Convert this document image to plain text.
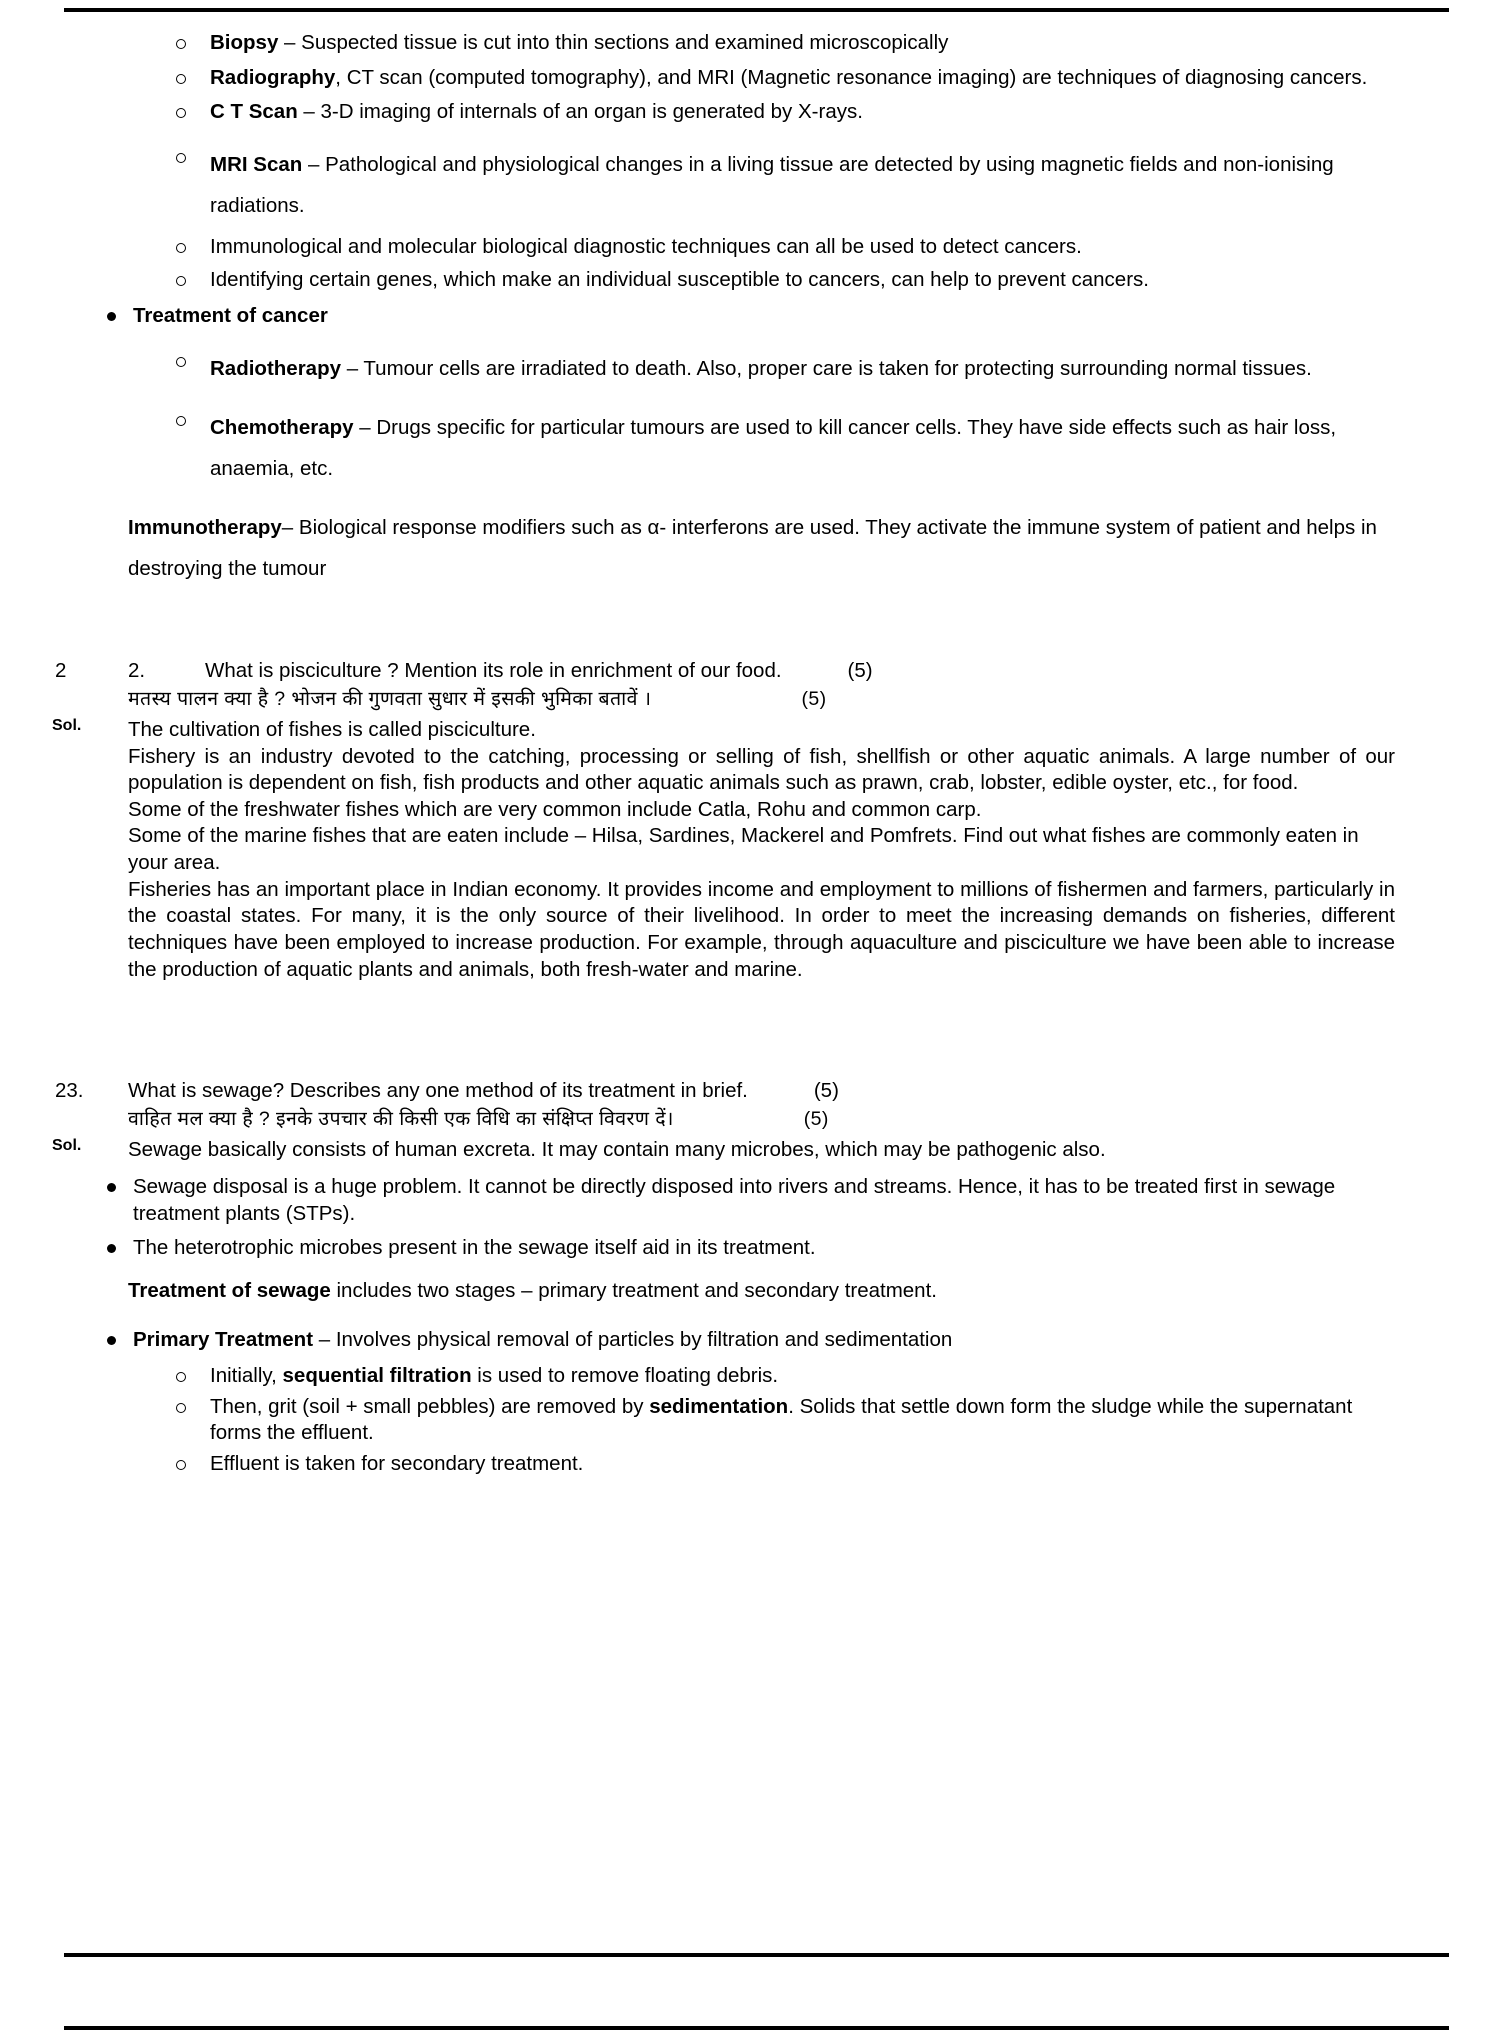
Biopsy – Suspected tissue is cut into thin sections and examined microscopically
Radiography, CT scan (computed tomography), and MRI (Magnetic resonance imaging) are techniques of diagnosing cancers.
C T Scan – 3-D imaging of internals of an organ is generated by X-rays.
MRI Scan – Pathological and physiological changes in a living tissue are detected by using magnetic fields and non-ionising radiations.
Immunological and molecular biological diagnostic techniques can all be used to detect cancers.
Identifying certain genes, which make an individual susceptible to cancers, can help to prevent cancers.
Treatment of cancer
Radiotherapy – Tumour cells are irradiated to death. Also, proper care is taken for protecting surrounding normal tissues.
Chemotherapy – Drugs specific for particular tumours are used to kill cancer cells. They have side effects such as hair loss, anaemia, etc.
Immunotherapy– Biological response modifiers such as α- interferons are used. They activate the immune system of patient and helps in destroying the tumour
2	2.	What is pisciculture ? Mention its role in enrichment of our food.	(5)
मतस्य पालन क्या है ? भोजन की गुणवता सुधार में इसकी भुमिका बतावें ।	(5)
Sol. The cultivation of fishes is called pisciculture.
Fishery is an industry devoted to the catching, processing or selling of fish, shellfish or other aquatic animals. A large number of our population is dependent on fish, fish products and other aquatic animals such as prawn, crab, lobster, edible oyster, etc., for food.
Some of the freshwater fishes which are very common include Catla, Rohu and common carp.
Some of the marine fishes that are eaten include – Hilsa, Sardines, Mackerel and Pomfrets. Find out what fishes are commonly eaten in your area.
Fisheries has an important place in Indian economy. It provides income and employment to millions of fishermen and farmers, particularly in the coastal states. For many, it is the only source of their livelihood. In order to meet the increasing demands on fisheries, different techniques have been employed to increase production. For example, through aquaculture and pisciculture we have been able to increase the production of aquatic plants and animals, both fresh-water and marine.
23. What is sewage? Describes any one method of its treatment in brief.	(5)
वाहित मल क्या है ? इनके उपचार की किसी एक विधि का संक्षिप्त विवरण दें।	(5)
Sol. Sewage basically consists of human excreta. It may contain many microbes, which may be pathogenic also.
Sewage disposal is a huge problem. It cannot be directly disposed into rivers and streams. Hence, it has to be treated first in sewage treatment plants (STPs).
The heterotrophic microbes present in the sewage itself aid in its treatment.
Treatment of sewage includes two stages – primary treatment and secondary treatment.
Primary Treatment – Involves physical removal of particles by filtration and sedimentation
Initially, sequential filtration is used to remove floating debris.
Then, grit (soil + small pebbles) are removed by sedimentation. Solids that settle down form the sludge while the supernatant forms the effluent.
Effluent is taken for secondary treatment.
